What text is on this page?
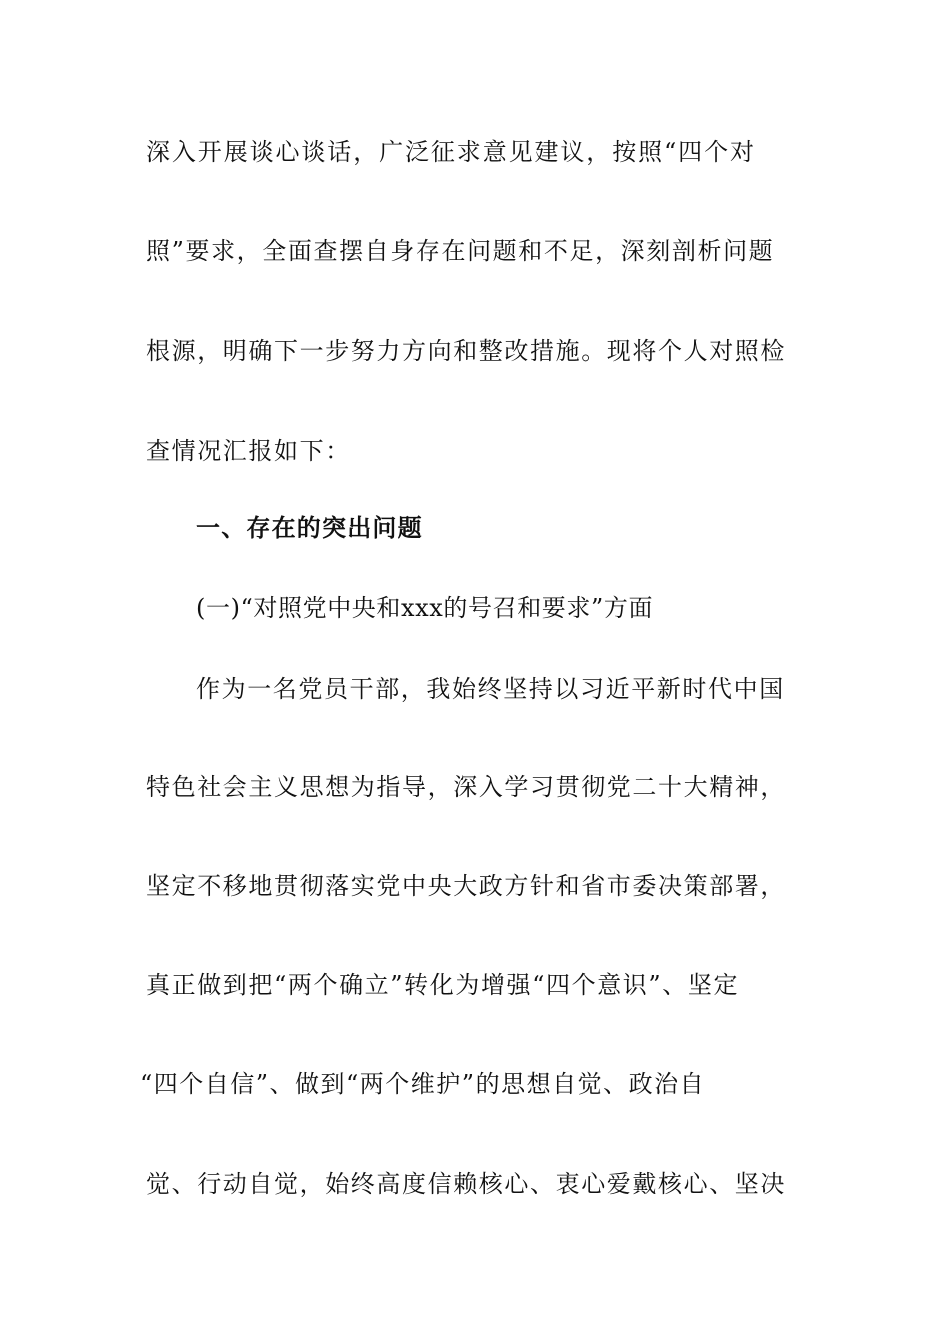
深入开展谈心谈话，广泛征求意见建议，按照“四个对
照”要求，全面查摆自身存在问题和不足，深刻剖析问题
根源，明确下一步努力方向和整改措施。现将个人对照检
查情况汇报如下：
一、存在的突出问题
(一)“对照党中央和xxx的号召和要求”方面
作为一名党员干部，我始终坚持以习近平新时代中国
特色社会主义思想为指导，深入学习贯彻党二十大精神，
坚定不移地贯彻落实党中央大政方针和省市委决策部署，
真正做到把“两个确立”转化为增强“四个意识”、坚定
“四个自信”、做到“两个维护”的思想自觉、政治自
觉、行动自觉，始终高度信赖核心、衷心爱戴核心、坚决
